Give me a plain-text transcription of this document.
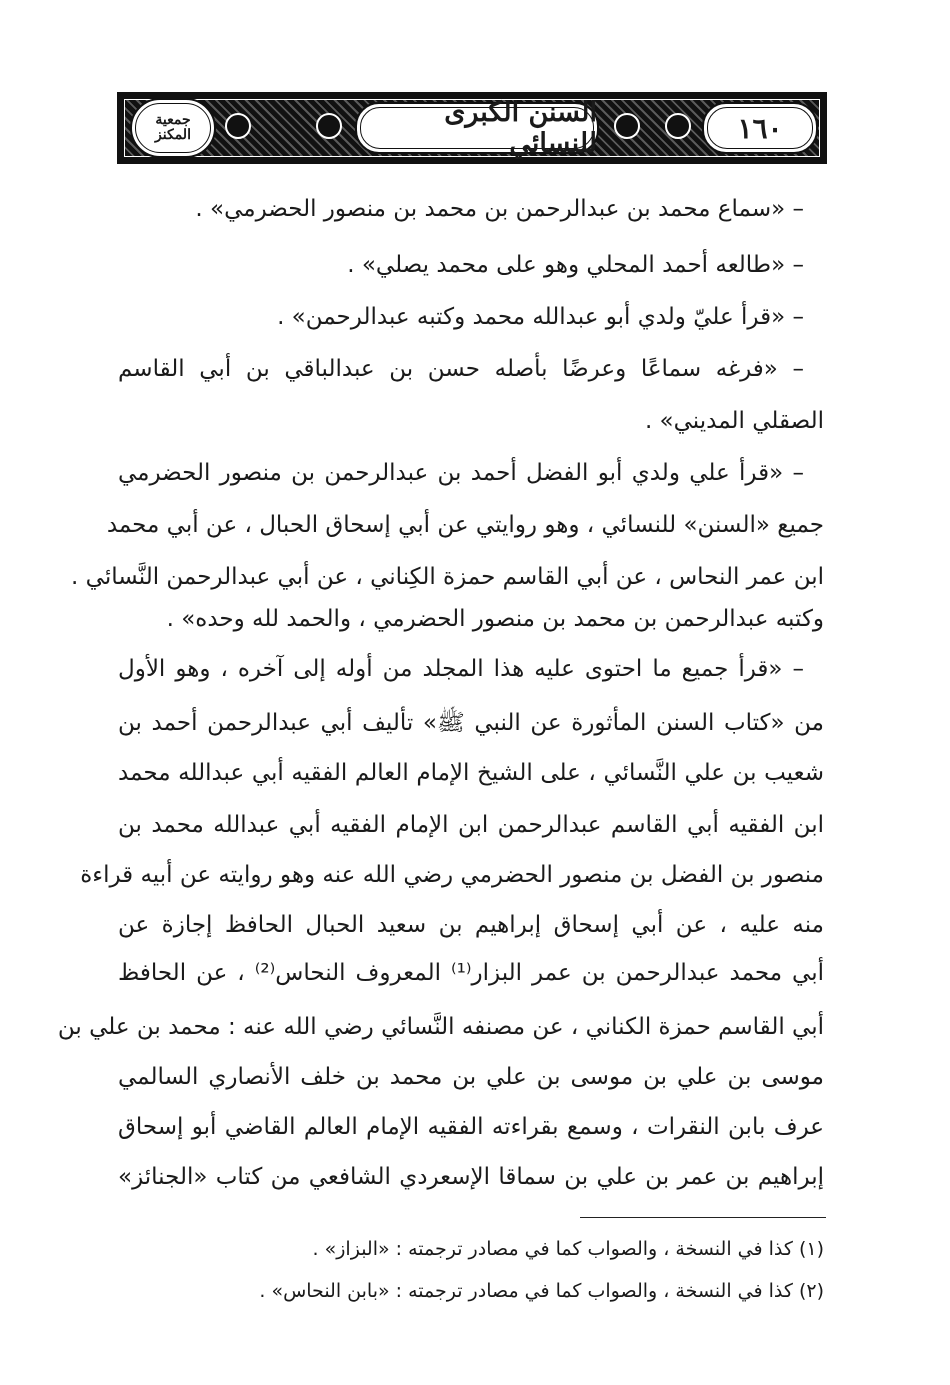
جمعية
المكنز
السنن الكبرى للنسائي	١٦٠
– «سماع محمد بن عبدالرحمن بن محمد بن منصور الحضرمي» .
– «طالعه أحمد المحلي وهو على محمد يصلي» .
– «قرأ عليّ ولدي أبو عبدالله محمد وكتبه عبدالرحمن» .
– «فرغه سماعًا وعرضًا بأصله حسن بن عبدالباقي بن أبي القاسم
الصقلي المديني» .
– «قرأ علي ولدي أبو الفضل أحمد بن عبدالرحمن بن منصور الحضرمي
جميع «السنن» للنسائي ، وهو روايتي عن أبي إسحاق الحبال ، عن أبي محمد
ابن عمر النحاس ، عن أبي القاسم حمزة الكِناني ، عن أبي عبدالرحمن النَّسائي .
وكتبه عبدالرحمن بن محمد بن منصور الحضرمي ، والحمد لله وحده» .
– «قرأ جميع ما احتوى عليه هذا المجلد من أوله إلى آخره ، وهو الأول
من «كتاب السنن المأثورة عن النبي ﷺ» تأليف أبي عبدالرحمن أحمد بن
شعيب بن علي النَّسائي ، على الشيخ الإمام العالم الفقيه أبي عبدالله محمد
ابن الفقيه أبي القاسم عبدالرحمن ابن الإمام الفقيه أبي عبدالله محمد بن
منصور بن الفضل بن منصور الحضرمي رضي الله عنه وهو روايته عن أبيه قراءة
منه عليه ، عن أبي إسحاق إبراهيم بن سعيد الحبال الحافظ إجازة عن
أبي محمد عبدالرحمن بن عمر البزار⁽¹⁾ المعروف النحاس⁽²⁾ ، عن الحافظ
أبي القاسم حمزة الكناني ، عن مصنفه النَّسائي رضي الله عنه : محمد بن علي بن
موسى بن علي بن موسى بن علي بن محمد بن خلف الأنصاري السالمي
عرف بابن النقرات ، وسمع بقراءته الفقيه الإمام العالم القاضي أبو إسحاق
إبراهيم بن عمر بن علي بن سماقا الإسعردي الشافعي من كتاب «الجنائز»
(١) كذا في النسخة ، والصواب كما في مصادر ترجمته : «البزاز» .
(٢) كذا في النسخة ، والصواب كما في مصادر ترجمته : «بابن النحاس» .
